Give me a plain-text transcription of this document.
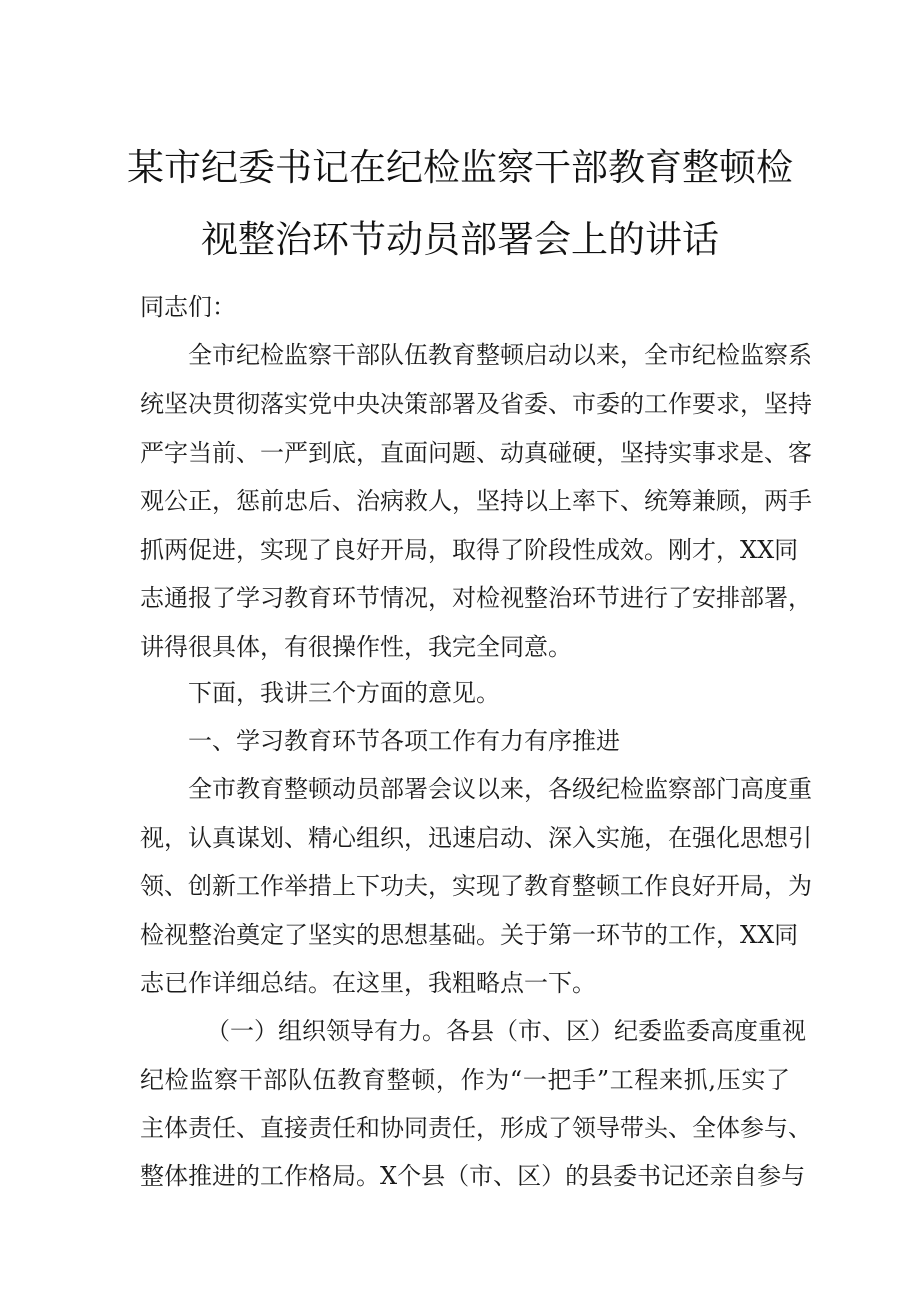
某市纪委书记在纪检监察干部教育整顿检
视整治环节动员部署会上的讲话
同志们：
全市纪检监察干部队伍教育整顿启动以来，全市纪检监察系
统坚决贯彻落实党中央决策部署及省委、市委的工作要求，坚持
严字当前、一严到底，直面问题、动真碰硬，坚持实事求是、客
观公正，惩前忠后、治病救人，坚持以上率下、统筹兼顾，两手
抓两促进，实现了良好开局，取得了阶段性成效。刚才，XX同
志通报了学习教育环节情况，对检视整治环节进行了安排部署，
讲得很具体，有很操作性，我完全同意。
下面，我讲三个方面的意见。
一、学习教育环节各项工作有力有序推进
全市教育整顿动员部署会议以来，各级纪检监察部门高度重
视，认真谋划、精心组织，迅速启动、深入实施，在强化思想引
领、创新工作举措上下功夫，实现了教育整顿工作良好开局，为
检视整治奠定了坚实的思想基础。关于第一环节的工作，XX同
志已作详细总结。在这里，我粗略点一下。
（一）组织领导有力。各县（市、区）纪委监委高度重视
纪检监察干部队伍教育整顿，作为“一把手”工程来抓,压实了
主体责任、直接责任和协同责任，形成了领导带头、全体参与、
整体推进的工作格局。X个县（市、区）的县委书记还亲自参与
